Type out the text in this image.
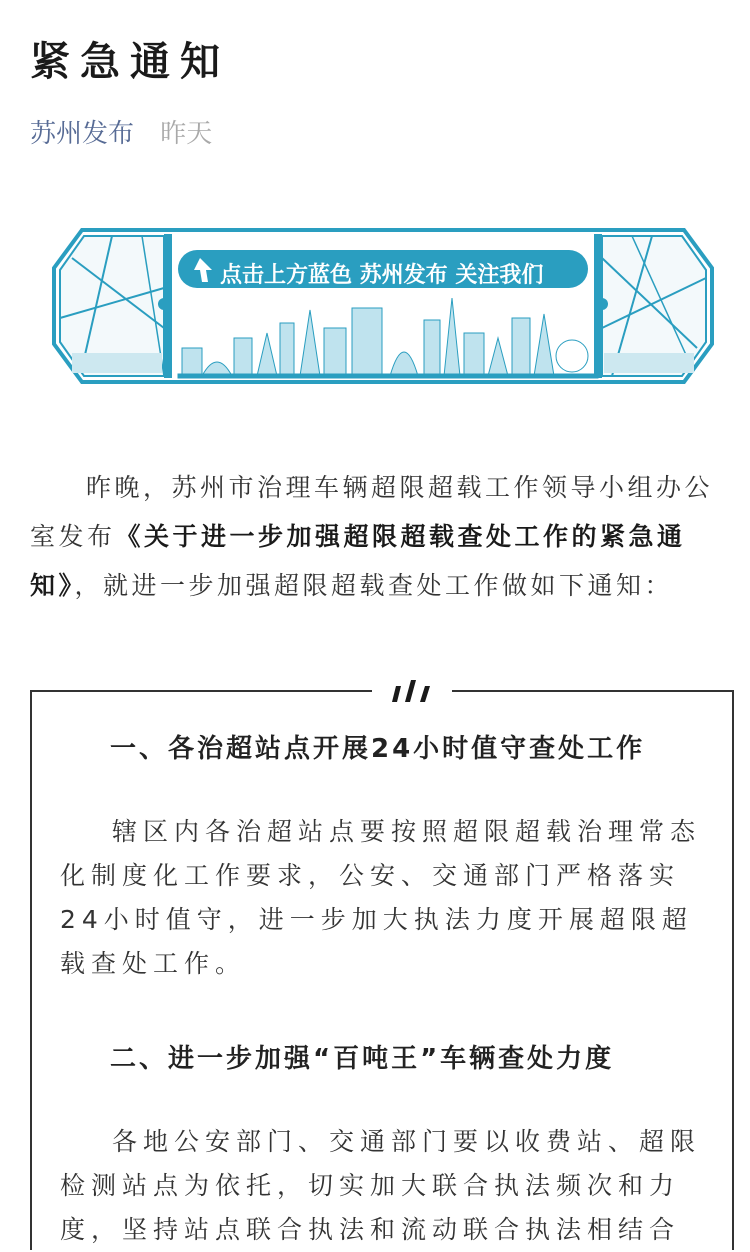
紧急通知
苏州发布 昨天
点击上方蓝色 苏州发布 关注我们
昨晚，苏州市治理车辆超限超载工作领导小组办公室发布《关于进一步加强超限超载查处工作的紧急通知》，就进一步加强超限超载查处工作做如下通知：
一、各治超站点开展24小时值守查处工作
辖区内各治超站点要按照超限超载治理常态化制度化工作要求，公安、交通部门严格落实24小时值守，进一步加大执法力度开展超限超载查处工作。
二、进一步加强“百吨王”车辆查处力度
各地公安部门、交通部门要以收费站、超限检测站点为依托，切实加大联合执法频次和力度，坚持站点联合执法和流动联合执法相结合
